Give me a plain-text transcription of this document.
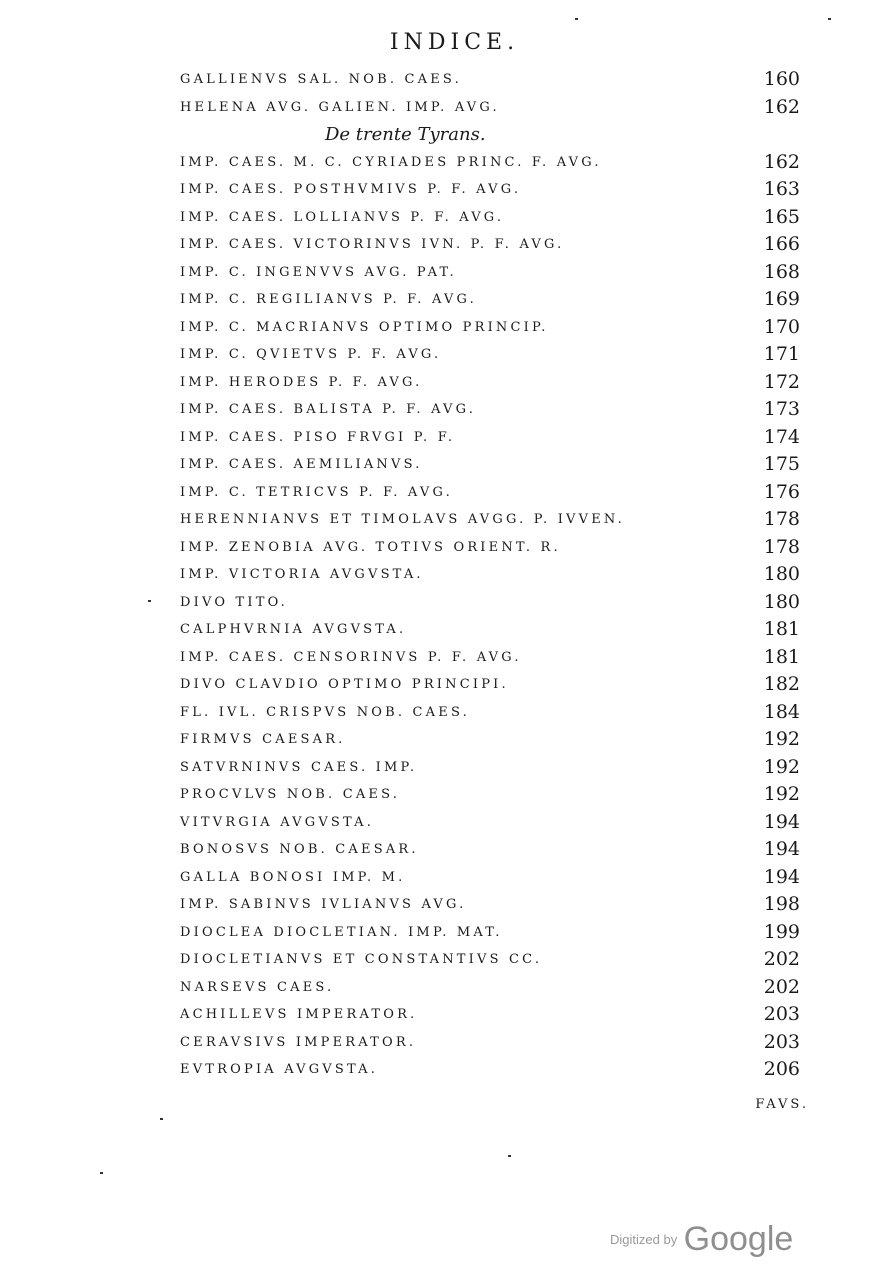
INDICE.
GALLIENVS SAL. NOB. CAES.	160
HELENA AVG. GALIEN. IMP. AVG.	162
De trente Tyrans.
IMP. CAES. M. C. CYRIADES PRINC. F. AVG.	162
IMP. CAES. POSTHVMIVS P. F. AVG.	163
IMP. CAES. LOLLIANVS P. F. AVG.	165
IMP. CAES. VICTORINVS IVN. P. F. AVG.	166
IMP. C. INGENVVS AVG. PAT.	168
IMP. C. REGILIANVS P. F. AVG.	169
IMP. C. MACRIANVS OPTIMO PRINCIP.	170
IMP. C. QVIETVS P. F. AVG.	171
IMP. HERODES P. F. AVG.	172
IMP. CAES. BALISTA P. F. AVG.	173
IMP. CAES. PISO FRVGI P. F.	174
IMP. CAES. AEMILIANVS.	175
IMP. C. TETRICVS P. F. AVG.	176
HERENNIANVS ET TIMOLAVS AVGG. P. IVVEN.	178
IMP. ZENOBIA AVG. TOTIVS ORIENT. R.	178
IMP. VICTORIA AVGVSTA.	180
DIVO TITO.	180
CALPHVRNIA AVGVSTA.	181
IMP. CAES. CENSORINVS P. F. AVG.	181
DIVO CLAVDIO OPTIMO PRINCIPI.	182
FL. IVL. CRISPVS NOB. CAES.	184
FIRMVS CAESAR.	192
SATVRNINVS CAES. IMP.	192
PROCVLVS NOB. CAES.	192
VITVRGIA AVGVSTA.	194
BONOSVS NOB. CAESAR.	194
GALLA BONOSI IMP. M.	194
IMP. SABINVS IVLIANVS AVG.	198
DIOCLEA DIOCLETIAN. IMP. MAT.	199
DIOCLETIANVS ET CONSTANTIVS CC.	202
NARSEVS CAES.	202
ACHILLEVS IMPERATOR.	203
CERAVSIVS IMPERATOR.	203
EVTROPIA AVGVSTA.	206
FAVS.
Digitized by Google
